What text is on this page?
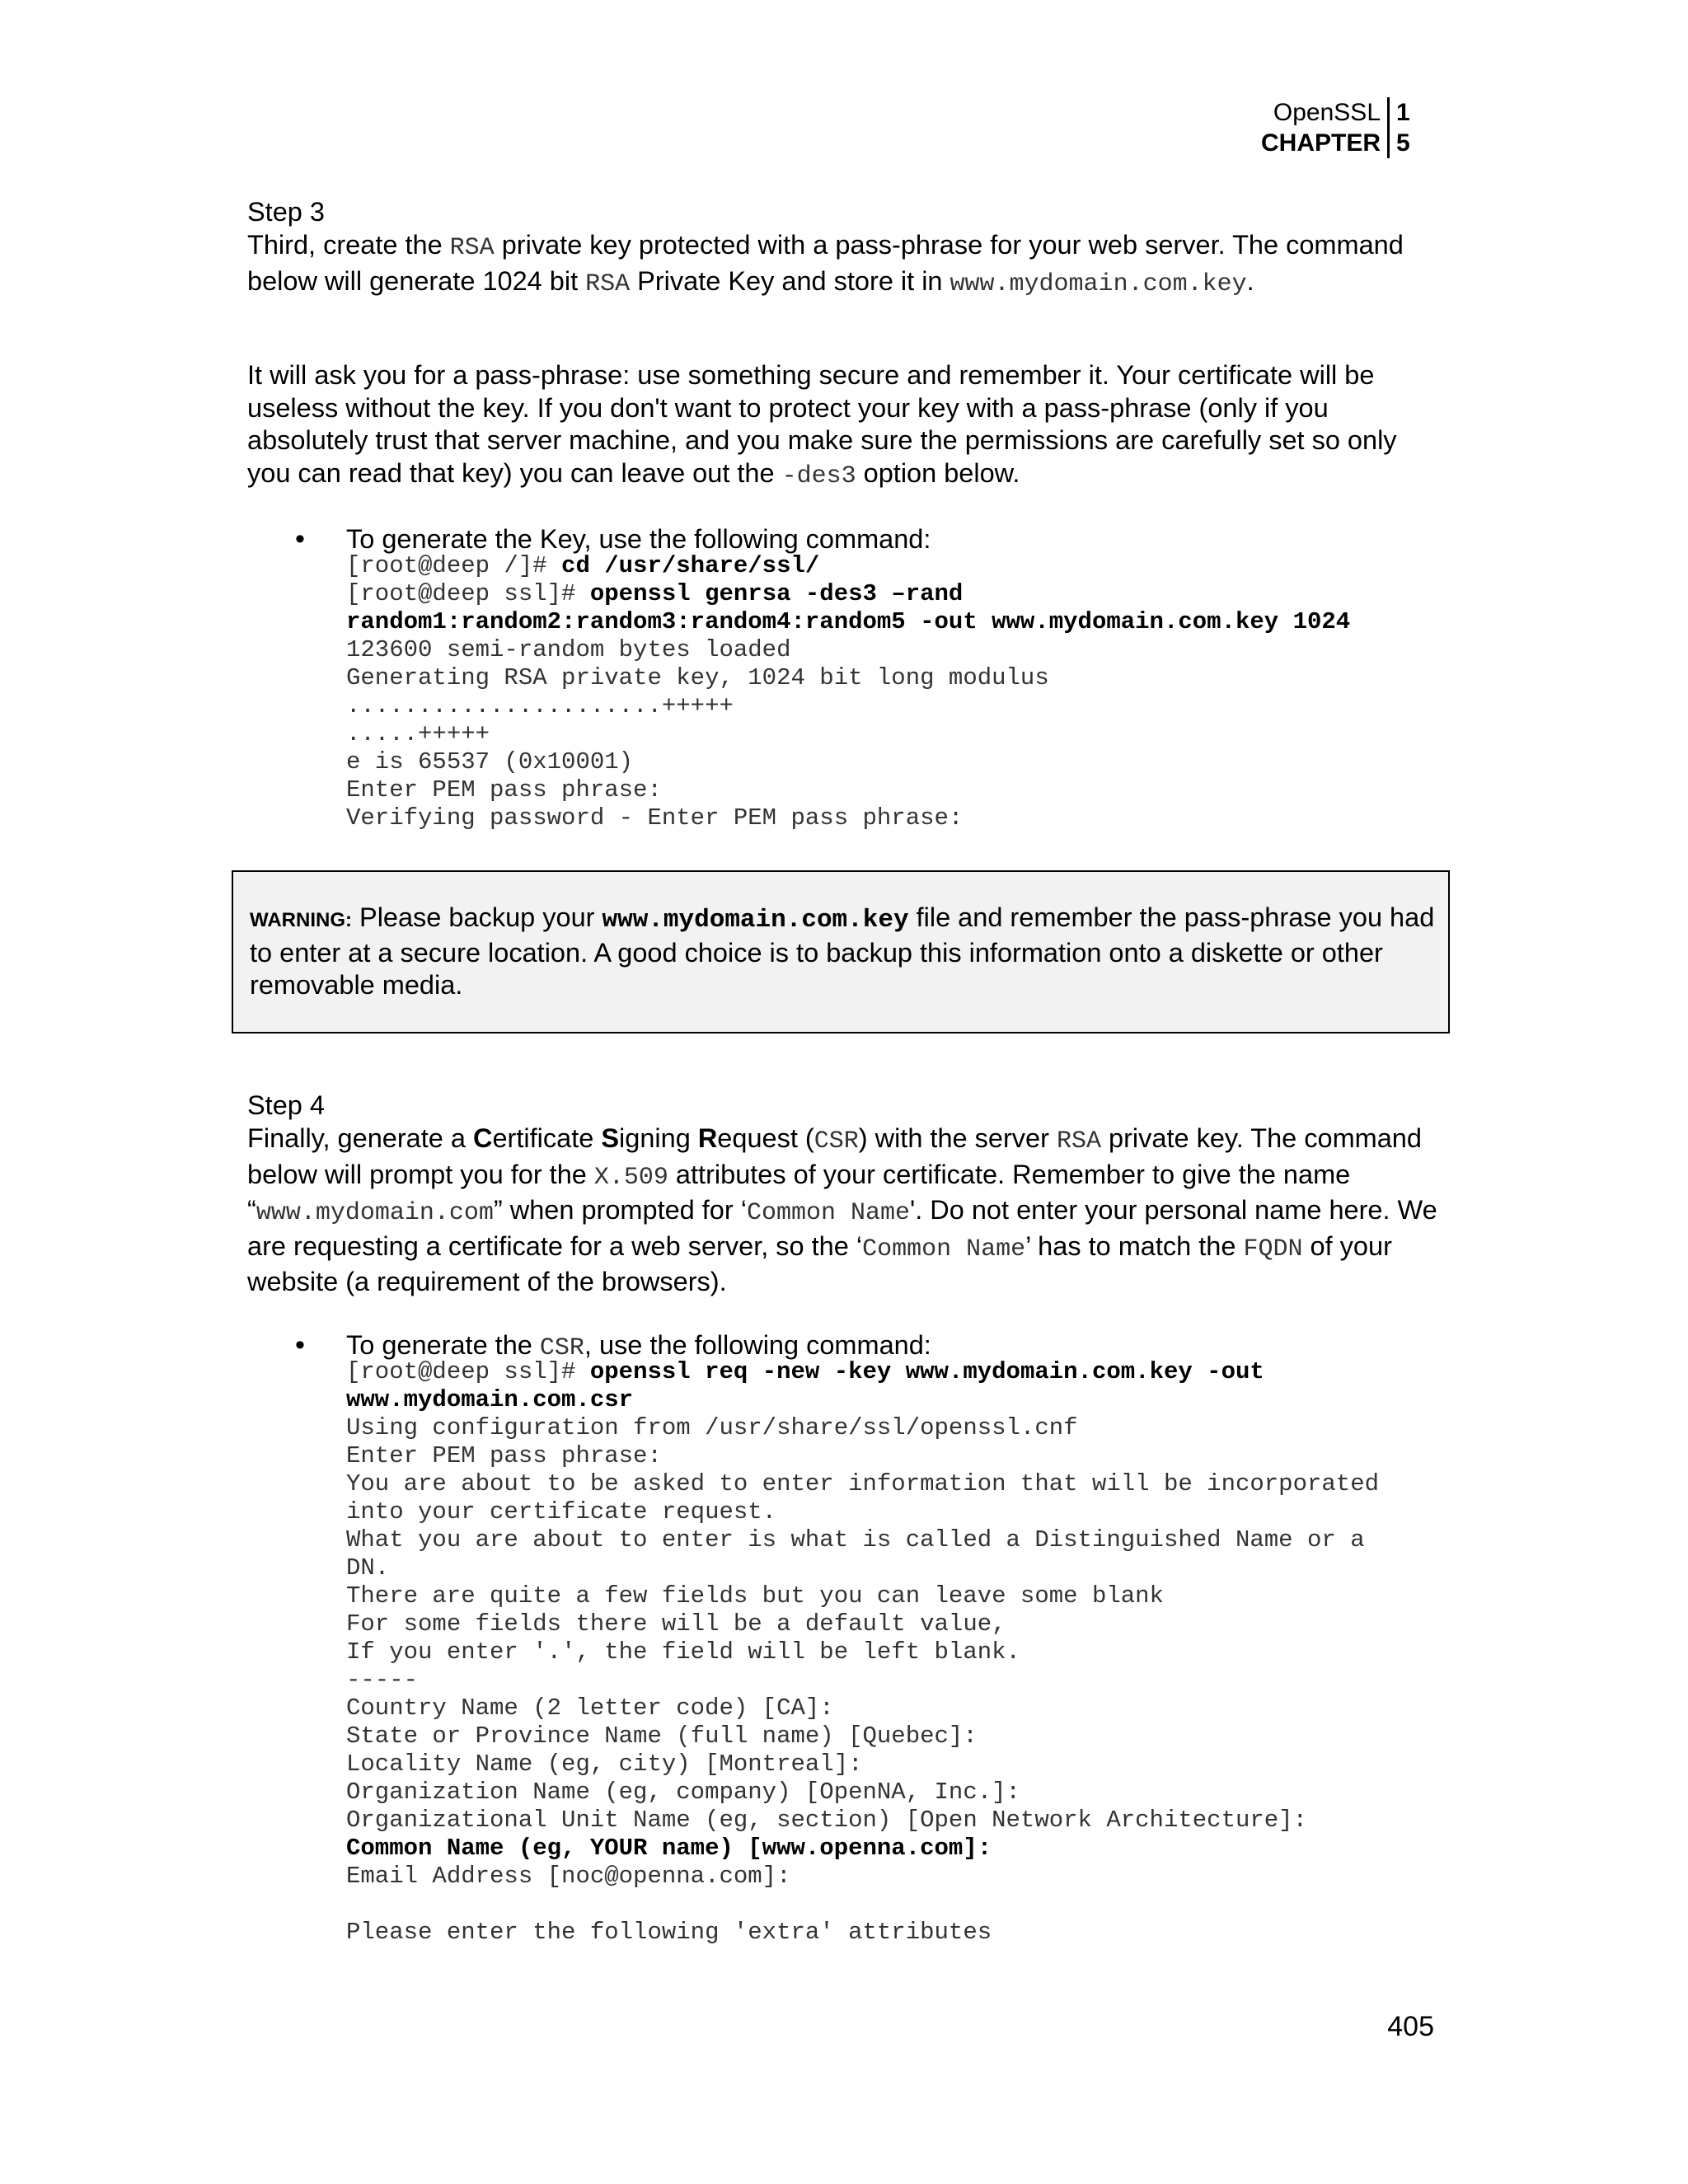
OpenSSL 1
CHAPTER 5
Step 3
Third, create the RSA private key protected with a pass-phrase for your web server. The command below will generate 1024 bit RSA Private Key and store it in www.mydomain.com.key.
It will ask you for a pass-phrase: use something secure and remember it. Your certificate will be useless without the key. If you don't want to protect your key with a pass-phrase (only if you absolutely trust that server machine, and you make sure the permissions are carefully set so only you can read that key) you can leave out the -des3 option below.
• To generate the Key, use the following command:
[root@deep /]# cd /usr/share/ssl/
[root@deep ssl]# openssl genrsa -des3 –rand
random1:random2:random3:random4:random5 -out www.mydomain.com.key 1024
123600 semi-random bytes loaded
Generating RSA private key, 1024 bit long modulus
......................+++++
.....+++++
e is 65537 (0x10001)
Enter PEM pass phrase:
Verifying password - Enter PEM pass phrase:
WARNING: Please backup your www.mydomain.com.key file and remember the pass-phrase you had to enter at a secure location. A good choice is to backup this information onto a diskette or other removable media.
Step 4
Finally, generate a Certificate Signing Request (CSR) with the server RSA private key. The command below will prompt you for the X.509 attributes of your certificate. Remember to give the name “www.mydomain.com” when prompted for ‘Common Name'. Do not enter your personal name here. We are requesting a certificate for a web server, so the ‘Common Name’ has to match the FQDN of your website (a requirement of the browsers).
• To generate the CSR, use the following command:
[root@deep ssl]# openssl req -new -key www.mydomain.com.key -out
www.mydomain.com.csr
Using configuration from /usr/share/ssl/openssl.cnf
Enter PEM pass phrase:
You are about to be asked to enter information that will be incorporated
into your certificate request.
What you are about to enter is what is called a Distinguished Name or a
DN.
There are quite a few fields but you can leave some blank
For some fields there will be a default value,
If you enter '.', the field will be left blank.
-----
Country Name (2 letter code) [CA]:
State or Province Name (full name) [Quebec]:
Locality Name (eg, city) [Montreal]:
Organization Name (eg, company) [OpenNA, Inc.]:
Organizational Unit Name (eg, section) [Open Network Architecture]:
Common Name (eg, YOUR name) [www.openna.com]:
Email Address [noc@openna.com]:

Please enter the following 'extra' attributes
405
